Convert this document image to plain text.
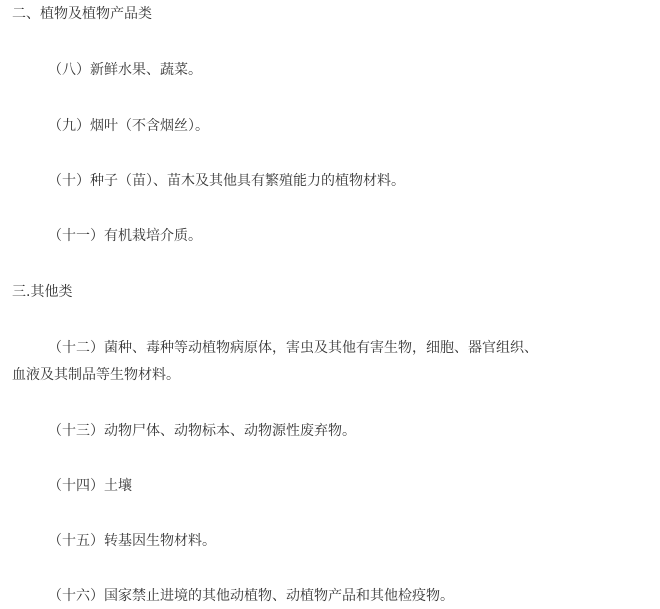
二、植物及植物产品类
（八）新鲜水果、蔬菜。
（九）烟叶（不含烟丝）。
（十）种子（苗）、苗木及其他具有繁殖能力的植物材料。
（十一）有机栽培介质。
三.其他类
（十二）菌种、毒种等动植物病原体，害虫及其他有害生物，细胞、器官组织、
血液及其制品等生物材料。
（十三）动物尸体、动物标本、动物源性废弃物。
（十四）土壤
（十五）转基因生物材料。
（十六）国家禁止进境的其他动植物、动植物产品和其他检疫物。
